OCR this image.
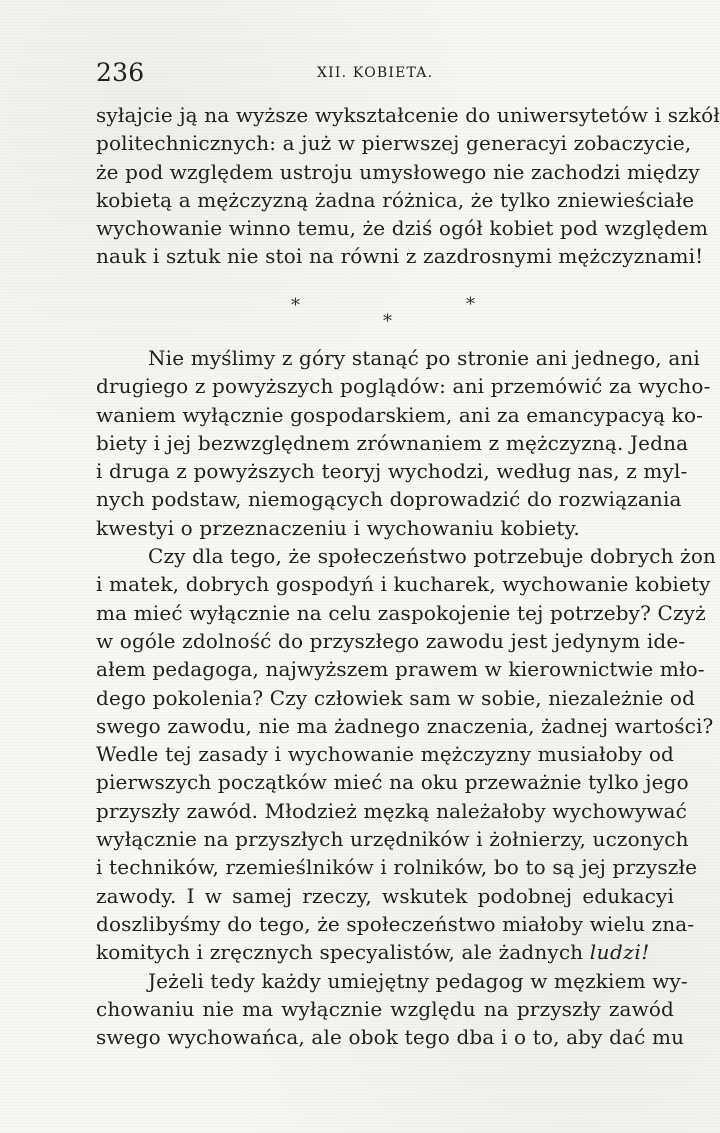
236	XII. KOBIETA.
syłajcie ją na wyższe wykształcenie do uniwersytetów i szkół
politechnicznych: a już w pierwszej generacyi zobaczycie,
że pod względem ustroju umysłowego nie zachodzi między
kobietą a mężczyzną żadna różnica, że tylko zniewieściałe
wychowanie winno temu, że dziś ogół kobiet pod względem
nauk i sztuk nie stoi na równi z zazdrosnymi mężczyznami!
*
*
*
Nie myślimy z góry stanąć po stronie ani jednego, ani
drugiego z powyższych poglądów: ani przemówić za wycho-
waniem wyłącznie gospodarskiem, ani za emancypacyą ko-
biety i jej bezwzględnem zrównaniem z mężczyzną. Jedna
i druga z powyższych teoryj wychodzi, według nas, z myl-
nych podstaw, niemogących doprowadzić do rozwiązania
kwestyi o przeznaczeniu i wychowaniu kobiety.
Czy dla tego, że społeczeństwo potrzebuje dobrych żon
i matek, dobrych gospodyń i kucharek, wychowanie kobiety
ma mieć wyłącznie na celu zaspokojenie tej potrzeby? Czyż
w ogóle zdolność do przyszłego zawodu jest jedynym ide-
ałem pedagoga, najwyższem prawem w kierownictwie mło-
dego pokolenia? Czy człowiek sam w sobie, niezależnie od
swego zawodu, nie ma żadnego znaczenia, żadnej wartości?
Wedle tej zasady i wychowanie mężczyzny musiałoby od
pierwszych początków mieć na oku przeważnie tylko jego
przyszły zawód. Młodzież męzką należałoby wychowywać
wyłącznie na przyszłych urzędników i żołnierzy, uczonych
i techników, rzemieślników i rolników, bo to są jej przyszłe
zawody. I w samej rzeczy, wskutek podobnej edukacyi
doszlibyśmy do tego, że społeczeństwo miałoby wielu zna-
komitych i zręcznych specyalistów, ale żadnych ludzi!
Jeżeli tedy każdy umiejętny pedagog w męzkiem wy-
chowaniu nie ma wyłącznie względu na przyszły zawód
swego wychowańca, ale obok tego dba i o to, aby dać mu
